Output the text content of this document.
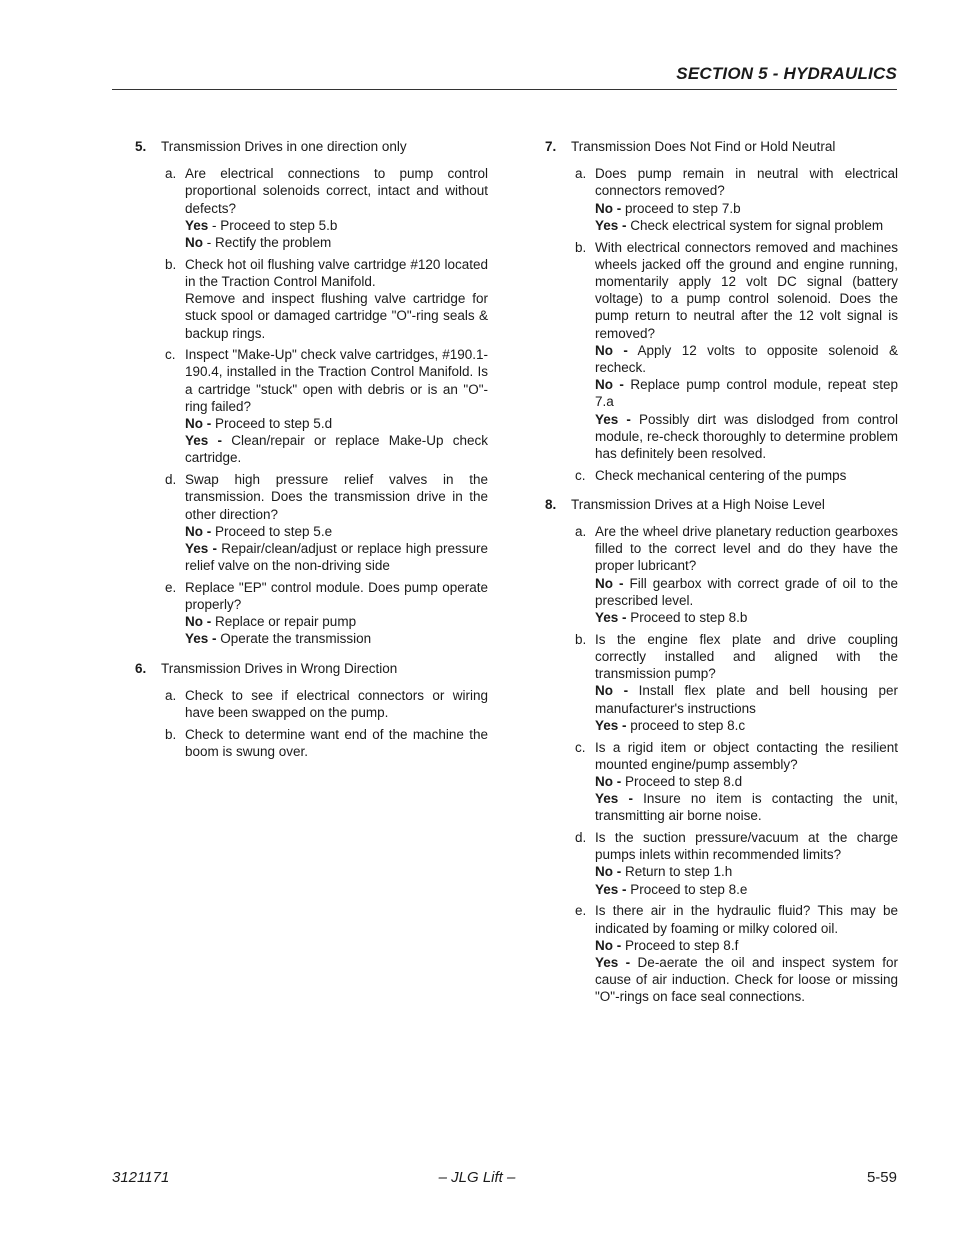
SECTION 5 - HYDRAULICS
5.	Transmission Drives in one direction only
a. Are electrical connections to pump control proportional solenoids correct, intact and without defects?

Yes - Proceed to step 5.b

No - Rectify the problem

b. Check hot oil flushing valve cartridge #120 located in the Traction Control Manifold.

Remove and inspect flushing valve cartridge for stuck spool or damaged cartridge "O"-ring seals & backup rings.

c. Inspect "Make-Up" check valve cartridges, #190.1-190.4, installed in the Traction Control Manifold. Is a cartridge "stuck" open with debris or is an "O"-ring failed?

No - Proceed to step 5.d

Yes - Clean/repair or replace Make-Up check cartridge.

d. Swap high pressure relief valves in the transmission. Does the transmission drive in the other direction?

No - Proceed to step 5.e

Yes - Repair/clean/adjust or replace high pressure relief valve on the non-driving side

e. Replace "EP" control module. Does pump operate properly?

No - Replace or repair pump

Yes - Operate the transmission

6.	Transmission Drives in Wrong Direction
a. Check to see if electrical connectors or wiring have been swapped on the pump.

b. Check to determine want end of the machine the boom is swung over.

7.	Transmission Does Not Find or Hold Neutral
a. Does pump remain in neutral with electrical connectors removed?

No - proceed to step 7.b

Yes - Check electrical system for signal problem

b. With electrical connectors removed and machines wheels jacked off the ground and engine running, momentarily apply 12 volt DC signal (battery voltage) to a pump control solenoid. Does the pump return to neutral after the 12 volt signal is removed?

No - Apply 12 volts to opposite solenoid & recheck.

No - Replace pump control module, repeat step 7.a

Yes - Possibly dirt was dislodged from control module, re-check thoroughly to determine problem has definitely been resolved.

c. Check mechanical centering of the pumps

8.	Transmission Drives at a High Noise Level
a. Are the wheel drive planetary reduction gearboxes filled to the correct level and do they have the proper lubricant?

No - Fill gearbox with correct grade of oil to the prescribed level.

Yes - Proceed to step 8.b

b. Is the engine flex plate and drive coupling correctly installed and aligned with the transmission pump?

No - Install flex plate and bell housing per manufacturer's instructions

Yes - proceed to step 8.c

c. Is a rigid item or object contacting the resilient mounted engine/pump assembly?

No - Proceed to step 8.d

Yes - Insure no item is contacting the unit, transmitting air borne noise.

d. Is the suction pressure/vacuum at the charge pumps inlets within recommended limits?

No - Return to step 1.h

Yes - Proceed to step 8.e

e. Is there air in the hydraulic fluid? This may be indicated by foaming or milky colored oil.

No - Proceed to step 8.f

Yes - De-aerate the oil and inspect system for cause of air induction. Check for loose or missing "O"-rings on face seal connections.

3121171	– JLG Lift –	5-59
